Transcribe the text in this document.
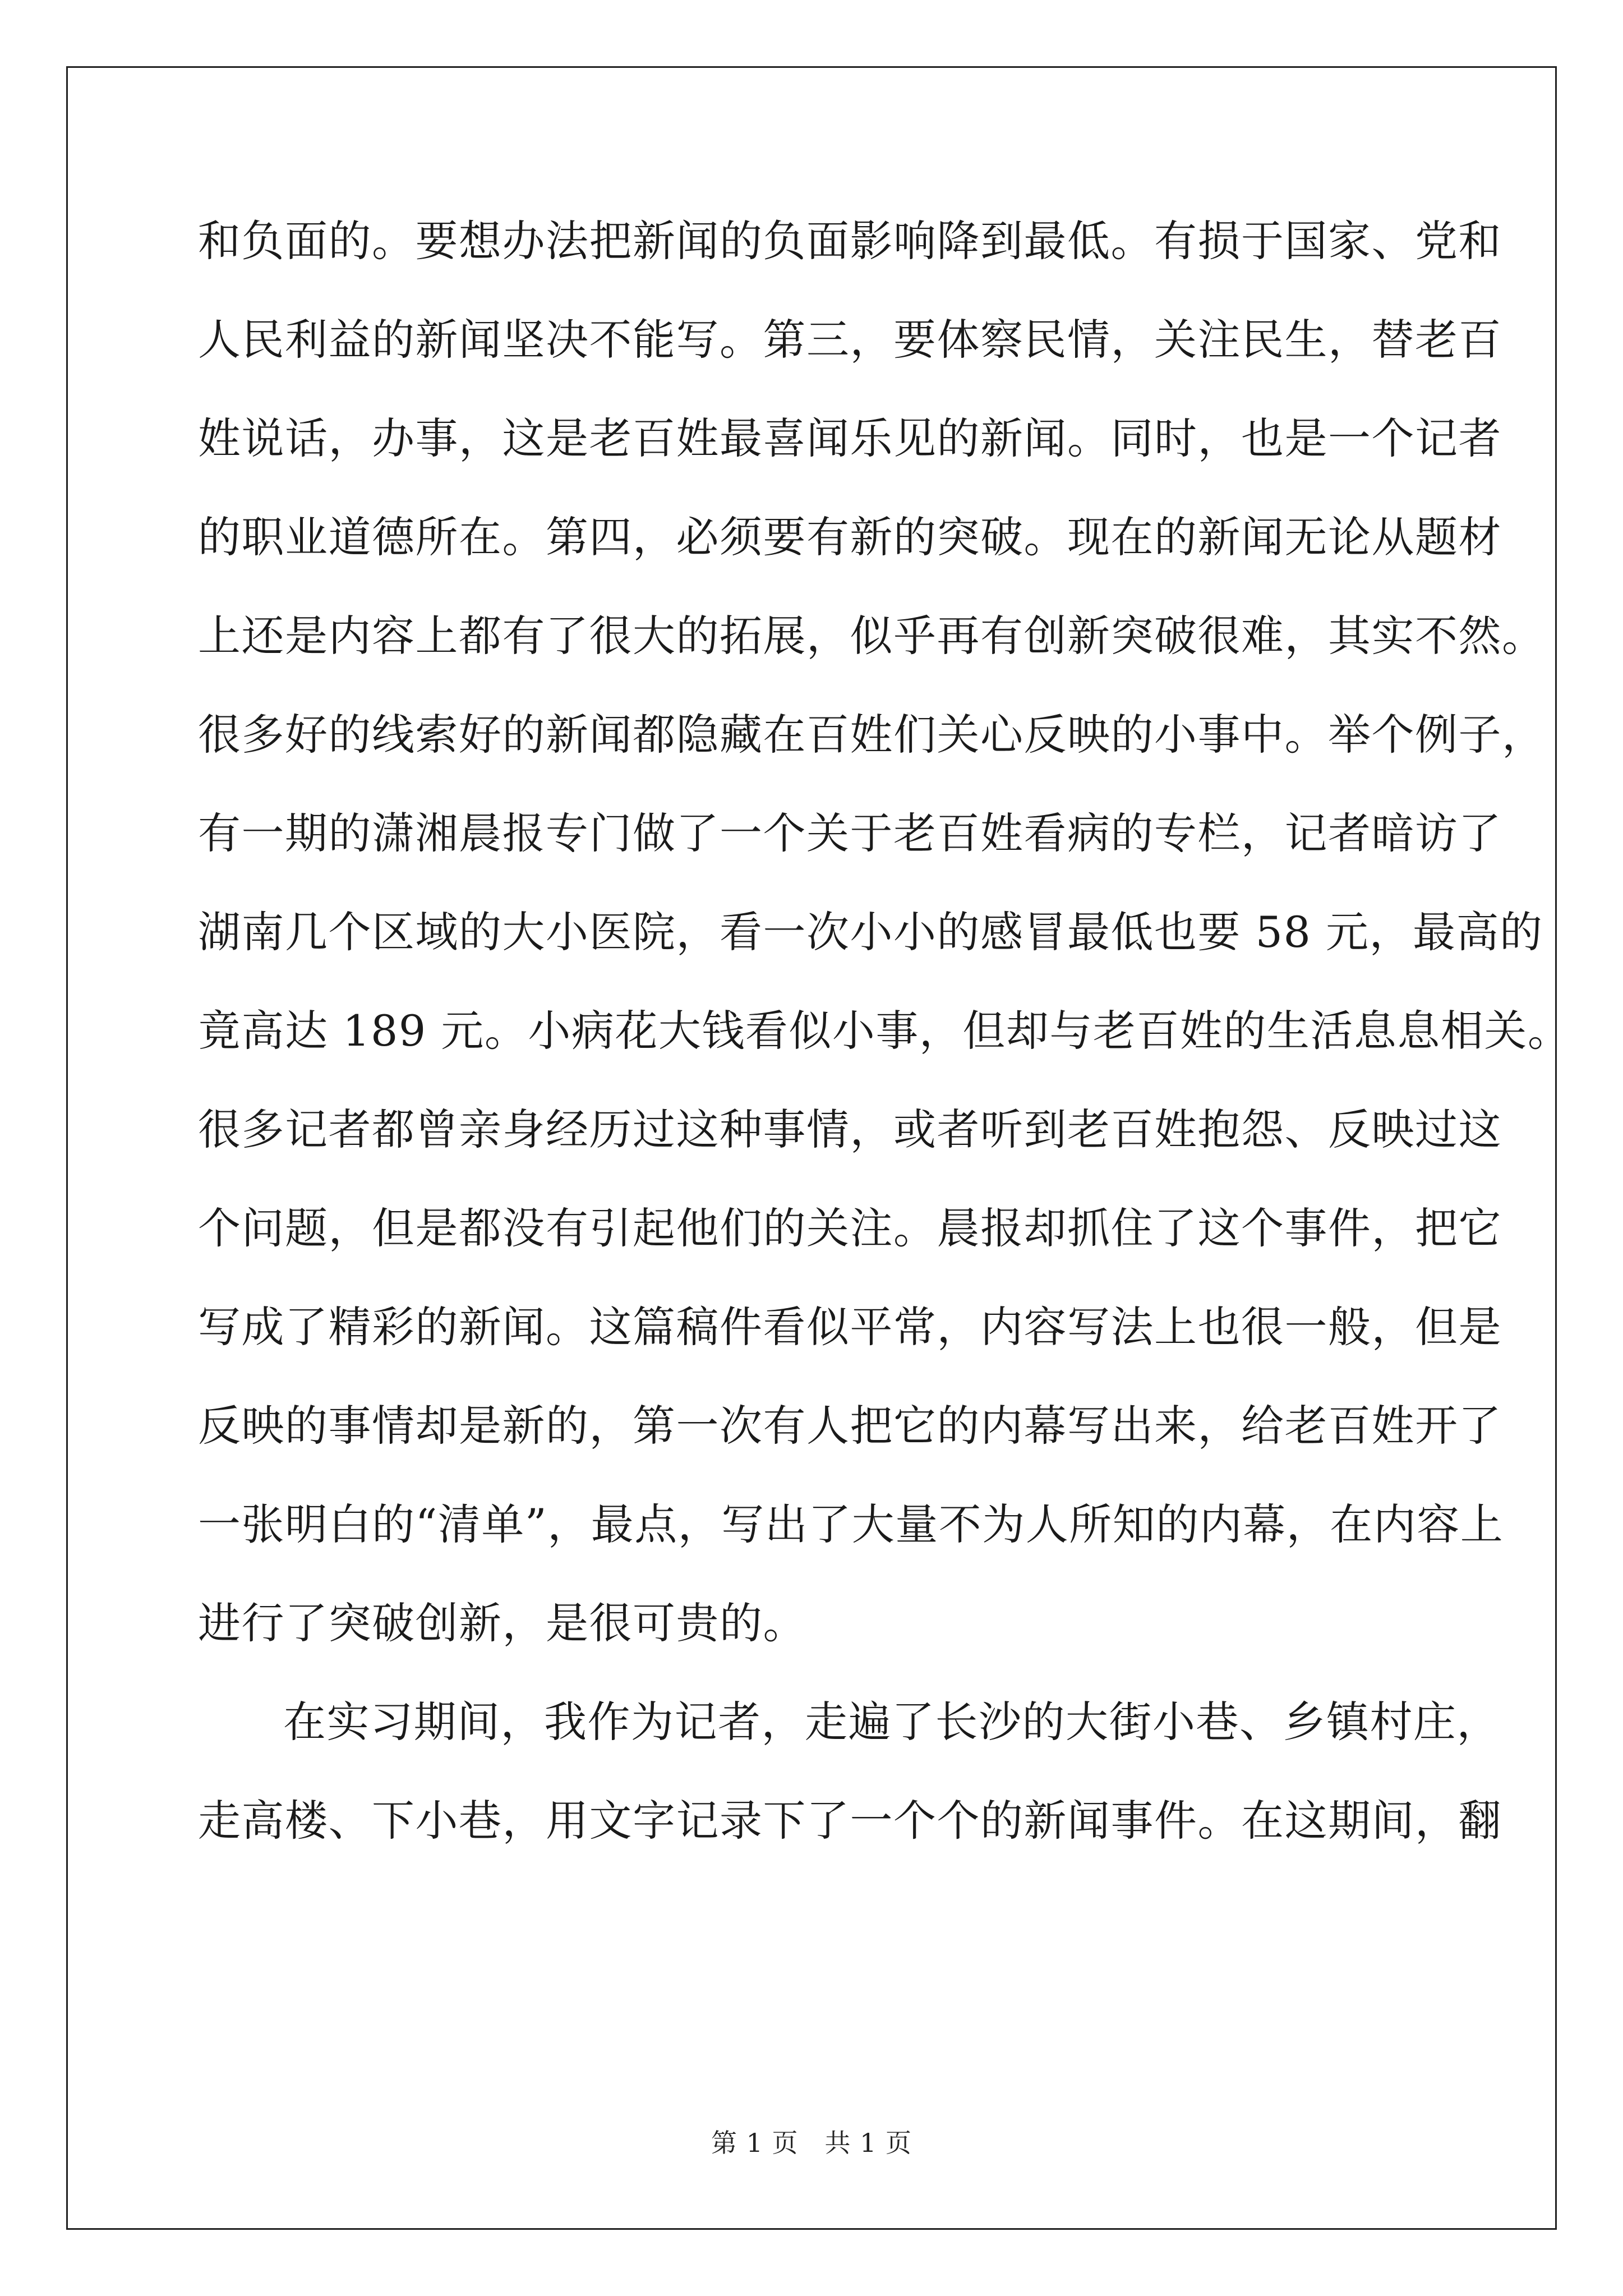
和负面的。要想办法把新闻的负面影响降到最低。有损于国家、党和
人民利益的新闻坚决不能写。第三，要体察民情，关注民生，替老百
姓说话，办事，这是老百姓最喜闻乐见的新闻。同时，也是一个记者
的职业道德所在。第四，必须要有新的突破。现在的新闻无论从题材
上还是内容上都有了很大的拓展，似乎再有创新突破很难，其实不然。
很多好的线索好的新闻都隐藏在百姓们关心反映的小事中。举个例子，
有一期的潇湘晨报专门做了一个关于老百姓看病的专栏，记者暗访了
湖南几个区域的大小医院，看一次小小的感冒最低也要 58 元，最高的
竟高达 189 元。小病花大钱看似小事，但却与老百姓的生活息息相关。
很多记者都曾亲身经历过这种事情，或者听到老百姓抱怨、反映过这
个问题，但是都没有引起他们的关注。晨报却抓住了这个事件，把它
写成了精彩的新闻。这篇稿件看似平常，内容写法上也很一般，但是
反映的事情却是新的，第一次有人把它的内幕写出来，给老百姓开了
一张明白的“清单”，最点，写出了大量不为人所知的内幕，在内容上
进行了突破创新，是很可贵的。
在实习期间，我作为记者，走遍了长沙的大街小巷、乡镇村庄，
走高楼、下小巷，用文字记录下了一个个的新闻事件。在这期间，翻
第 1 页　共 1 页
